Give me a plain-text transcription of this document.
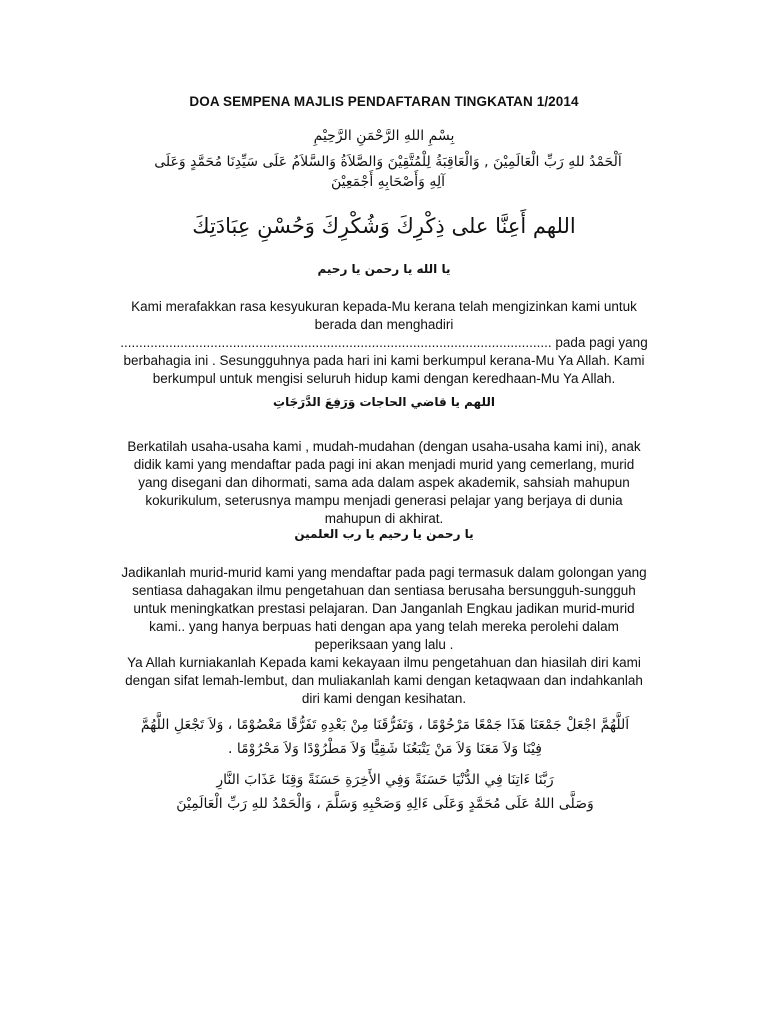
DOA SEMPENA MAJLIS PENDAFTARAN TINGKATAN 1/2014
بِسْمِ اللهِ الرَّحْمَنِ الرَّحِيْمِ
اَلْحَمْدُ للهِ رَبِّ الْعَالَمِيْنَ , وَالْعَاقِبَةُ لِلْمُتَّقِيْنَ وَالصَّلاَةُ وَالسَّلاَمُ عَلَى سَيِّدِنَا مُحَمَّدٍ وَعَلَى آلِهِ وَأَصْحَابِهِ أَجْمَعِيْنَ
اللهم أَعِنَّا على ذِكْرِكَ وَشُكْرِكَ وَحُسْنِ عِبَادَتِكَ
يا الله يا رحمن يا رحيم
Kami merafakkan rasa kesyukuran kepada-Mu kerana telah mengizinkan kami untuk berada dan menghadiri ................................................................................................................... pada pagi yang berbahagia ini . Sesungguhnya pada hari ini kami berkumpul kerana-Mu Ya Allah. Kami berkumpul untuk mengisi seluruh hidup kami dengan keredhaan-Mu Ya Allah.
اللهم يا قاضي الحاجات وَرَفِعَ الدَّرَجَاتِ
Berkatilah usaha-usaha kami , mudah-mudahan (dengan usaha-usaha kami ini), anak didik kami yang mendaftar pada pagi ini akan menjadi murid yang cemerlang, murid yang disegani dan dihormati, sama ada dalam aspek akademik, sahsiah mahupun kokurikulum, seterusnya mampu menjadi generasi pelajar yang berjaya di dunia mahupun di akhirat.
يا رحمن يا رحيم يا رب العلمين
Jadikanlah murid-murid kami yang mendaftar pada pagi termasuk dalam golongan yang sentiasa dahagakan ilmu pengetahuan dan sentiasa berusaha bersungguh-sungguh untuk meningkatkan prestasi pelajaran. Dan Janganlah Engkau jadikan murid-murid kami.. yang hanya berpuas hati dengan apa yang telah mereka perolehi dalam peperiksaan yang lalu .
Ya Allah kurniakanlah Kepada kami kekayaan ilmu pengetahuan dan hiasilah diri kami dengan sifat lemah-lembut, dan muliakanlah kami dengan ketaqwaan dan indahkanlah diri kami dengan kesihatan.
اَللَّهُمَّ اجْعَلْ جَمْعَنَا هَذَا جَمْعًا مَرْحُوْمًا ، وَتَفَرُّقَنَا مِنْ بَعْدِهِ تَفَرُّقًا مَعْصُوْمًا ، وَلاَ تَجْعَلِ اللَّهُمَّ فِيْنَا وَلاَ مَعَنَا وَلاَ مَنْ يَتْبَعُنَا شَقِيًّا وَلاَ مَطْرُوْدًا وَلاَ مَحْرُوْمًا .
رَبَّنَا ءَاتِنَا فِي الدُّنْيَا حَسَنَةً وَفِي الأَخِرَةِ حَسَنَةً وَقِنَا عَذَابَ النَّارِ
وَصَلَّى اللهُ عَلَى مُحَمَّدٍ وَعَلَى ءَالِهِ وَصَحْبِهِ وَسَلَّمَ ، وَالْحَمْدُ للهِ رَبِّ الْعَالَمِيْنَ
